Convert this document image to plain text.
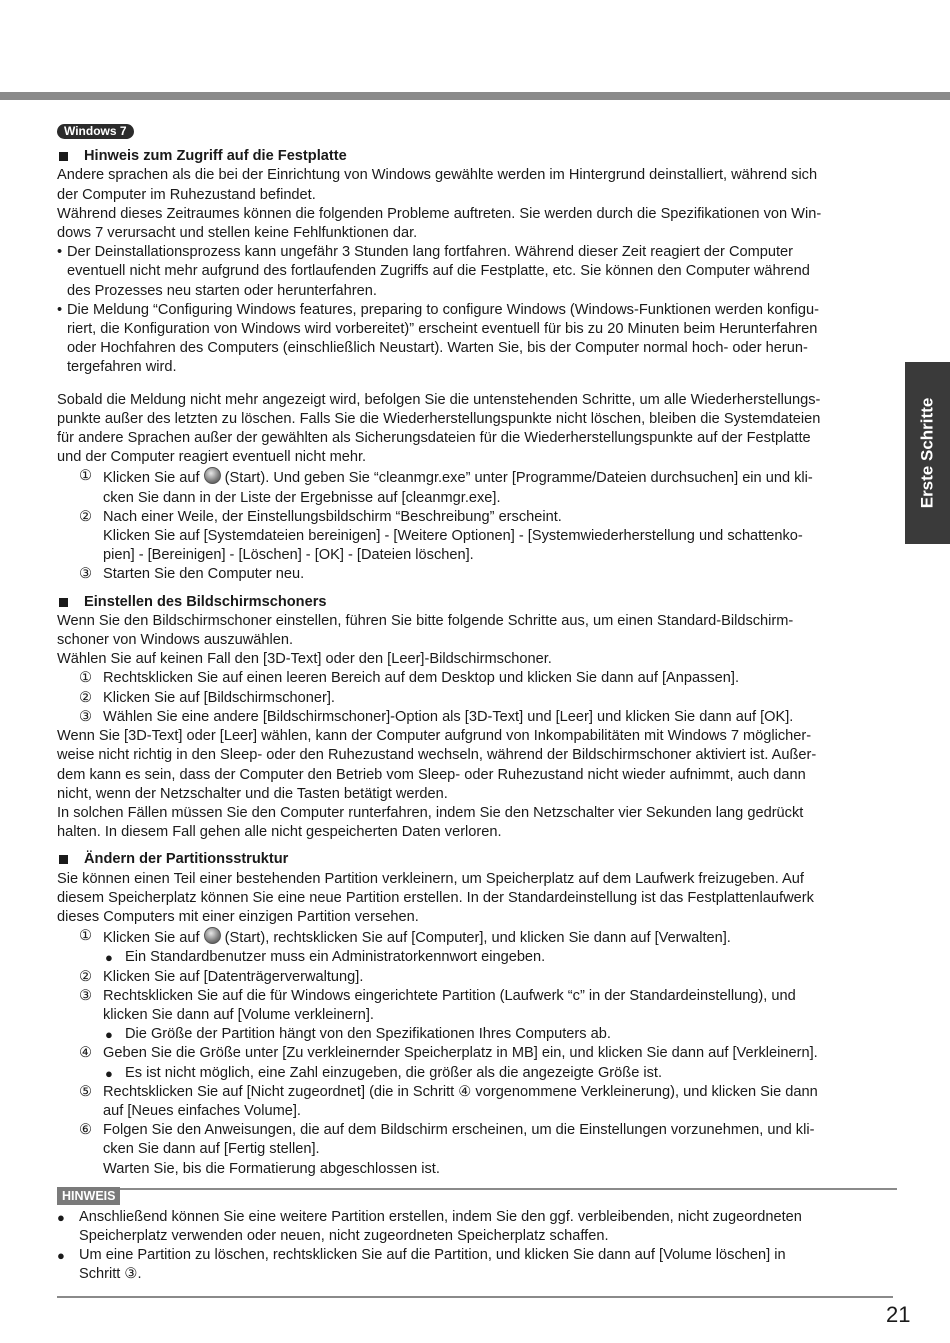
Erste Schritte
Windows 7
Hinweis zum Zugriff auf die Festplatte

Andere sprachen als die bei der Einrichtung von Windows gewählte werden im Hintergrund deinstalliert, während sich

der Computer im Ruhezustand befindet.

Während dieses Zeitraumes können die folgenden Probleme auftreten. Sie werden durch die Spezifikationen von Win-

dows 7 verursacht und stellen keine Fehlfunktionen dar.

• Der Deinstallationsprozess kann ungefähr 3 Stunden lang fortfahren. Während dieser Zeit reagiert der Computer

eventuell nicht mehr aufgrund des fortlaufenden Zugriffs auf die Festplatte, etc. Sie können den Computer während

des Prozesses neu starten oder herunterfahren.

• Die Meldung “Configuring Windows features, preparing to configure Windows (Windows-Funktionen werden konfigu-

riert, die Konfiguration von Windows wird vorbereitet)” erscheint eventuell für bis zu 20 Minuten beim Herunterfahren

oder Hochfahren des Computers (einschließlich Neustart). Warten Sie, bis der Computer normal hoch- oder herun-

tergefahren wird.

Sobald die Meldung nicht mehr angezeigt wird, befolgen Sie die untenstehenden Schritte, um alle Wiederherstellungs-

punkte außer des letzten zu löschen. Falls Sie die Wiederherstellungspunkte nicht löschen, bleiben die Systemdateien

für andere Sprachen außer der gewählten als Sicherungsdateien für die Wiederherstellungspunkte auf der Festplatte

und der Computer reagiert eventuell nicht mehr.

① Klicken Sie auf (Start). Und geben Sie “cleanmgr.exe” unter [Programme/Dateien durchsuchen] ein und kli-

cken Sie dann in der Liste der Ergebnisse auf [cleanmgr.exe].

② Nach einer Weile, der Einstellungsbildschirm “Beschreibung” erscheint.

Klicken Sie auf [Systemdateien bereinigen] - [Weitere Optionen] - [Systemwiederherstellung und schattenko-

pien] - [Bereinigen] - [Löschen] - [OK] - [Dateien löschen].

③ Starten Sie den Computer neu.

Einstellen des Bildschirmschoners

Wenn Sie den Bildschirmschoner einstellen, führen Sie bitte folgende Schritte aus, um einen Standard-Bildschirm-

schoner von Windows auszuwählen.

Wählen Sie auf keinen Fall den [3D-Text] oder den [Leer]-Bildschirmschoner.

① Rechtsklicken Sie auf einen leeren Bereich auf dem Desktop und klicken Sie dann auf [Anpassen].

② Klicken Sie auf [Bildschirmschoner].

③ Wählen Sie eine andere [Bildschirmschoner]-Option als [3D-Text] und [Leer] und klicken Sie dann auf [OK].

Wenn Sie [3D-Text] oder [Leer] wählen, kann der Computer aufgrund von Inkompabilitäten mit Windows 7 möglicher-

weise nicht richtig in den Sleep- oder den Ruhezustand wechseln, während der Bildschirmschoner aktiviert ist. Außer-

dem kann es sein, dass der Computer den Betrieb vom Sleep- oder Ruhezustand nicht wieder aufnimmt, auch dann

nicht, wenn der Netzschalter und die Tasten betätigt werden.

In solchen Fällen müssen Sie den Computer runterfahren, indem Sie den Netzschalter vier Sekunden lang gedrückt

halten. In diesem Fall gehen alle nicht gespeicherten Daten verloren.

Ändern der Partitionsstruktur

Sie können einen Teil einer bestehenden Partition verkleinern, um Speicherplatz auf dem Laufwerk freizugeben. Auf

diesem Speicherplatz können Sie eine neue Partition erstellen. In der Standardeinstellung ist das Festplattenlaufwerk

dieses Computers mit einer einzigen Partition versehen.

① Klicken Sie auf (Start), rechtsklicken Sie auf [Computer], und klicken Sie dann auf [Verwalten].

● Ein Standardbenutzer muss ein Administratorkennwort eingeben.

② Klicken Sie auf [Datenträgerverwaltung].

③ Rechtsklicken Sie auf die für Windows eingerichtete Partition (Laufwerk “c” in der Standardeinstellung), und

klicken Sie dann auf [Volume verkleinern].

● Die Größe der Partition hängt von den Spezifikationen Ihres Computers ab.

④ Geben Sie die Größe unter [Zu verkleinernder Speicherplatz in MB] ein, und klicken Sie dann auf [Verkleinern].

● Es ist nicht möglich, eine Zahl einzugeben, die größer als die angezeigte Größe ist.

⑤ Rechtsklicken Sie auf [Nicht zugeordnet] (die in Schritt ④ vorgenommene Verkleinerung), und klicken Sie dann

auf [Neues einfaches Volume].

⑥ Folgen Sie den Anweisungen, die auf dem Bildschirm erscheinen, um die Einstellungen vorzunehmen, und kli-

cken Sie dann auf [Fertig stellen].

Warten Sie, bis die Formatierung abgeschlossen ist.

HINWEIS
● Anschließend können Sie eine weitere Partition erstellen, indem Sie den ggf. verbleibenden, nicht zugeordneten

Speicherplatz verwenden oder neuen, nicht zugeordneten Speicherplatz schaffen.

● Um eine Partition zu löschen, rechtsklicken Sie auf die Partition, und klicken Sie dann auf [Volume löschen] in

Schritt ③.

21
